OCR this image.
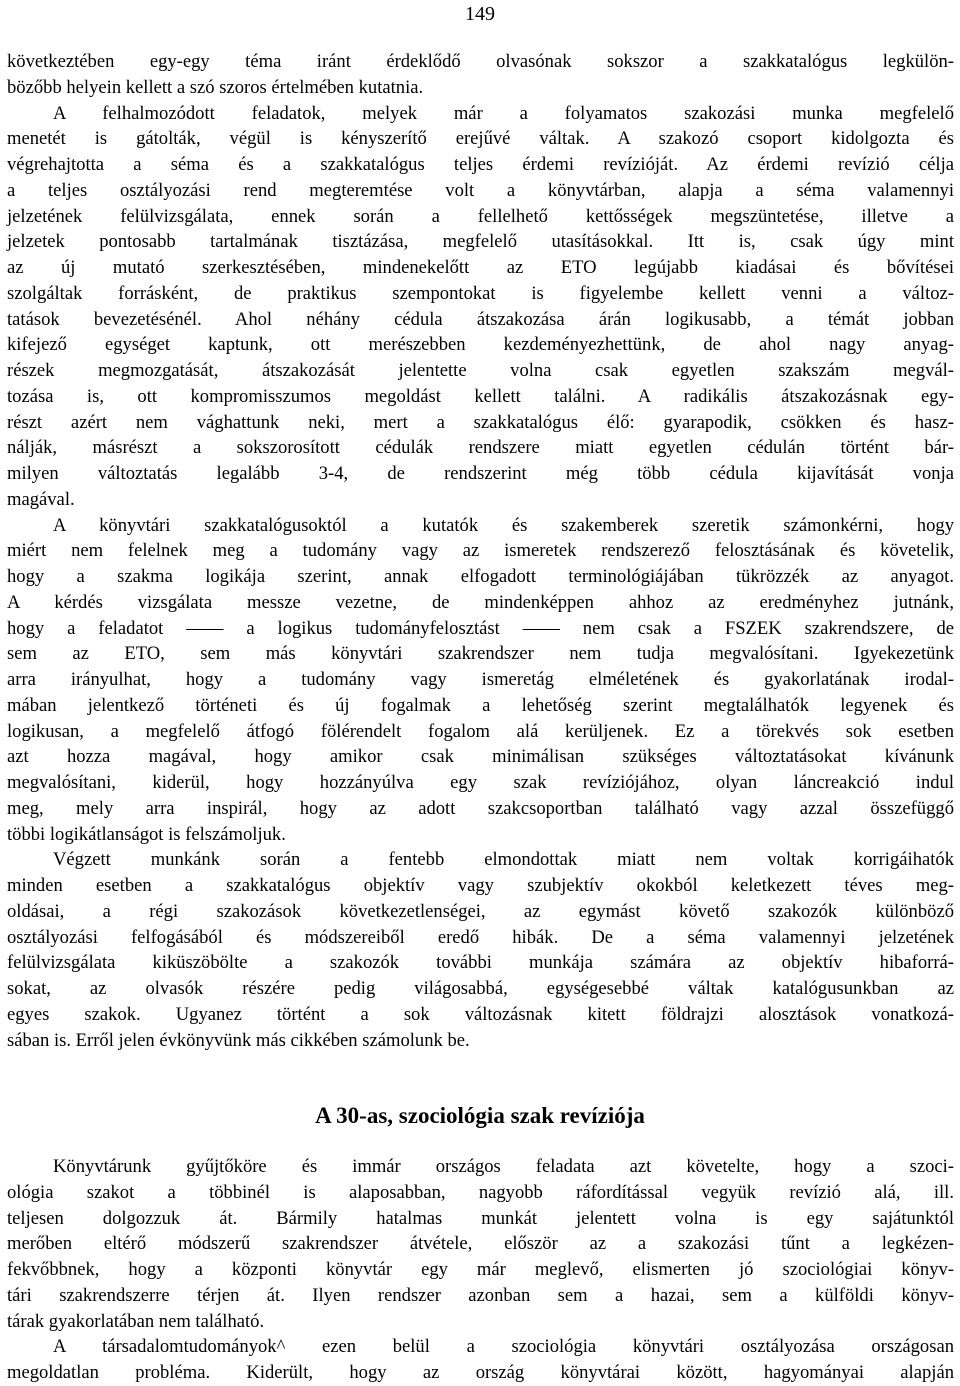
149
következtében egy-egy téma iránt érdeklődő olvasónak sokszor a szakkatalógus legkülön-
bözőbb helyein kellett a szó szoros értelmében kutatnia.
A felhalmozódott feladatok, melyek már a folyamatos szakozási munka megfelelő
menetét is gátolták, végül is kényszerítő erejűvé váltak. A szakozó csoport kidolgozta és
végrehajtotta a séma és a szakkatalógus teljes érdemi revízióját. Az érdemi revízió célja
a teljes osztályozási rend megteremtése volt a könyvtárban, alapja a séma valamennyi
jelzetének felülvizsgálata, ennek során a fellelhető kettősségek megszüntetése, illetve a
jelzetek pontosabb tartalmának tisztázása, megfelelő utasításokkal. Itt is, csak úgy mint
az új mutató szerkesztésében, mindenekelőtt az ETO legújabb kiadásai és bővítései
szolgáltak forrásként, de praktikus szempontokat is figyelembe kellett venni a változ-
tatások bevezetésénél. Ahol néhány cédula átszakozása árán logikusabb, a témát jobban
kifejező egységet kaptunk, ott merészebben kezdeményezhettünk, de ahol nagy anyag-
részek megmozgatását, átszakozását jelentette volna csak egyetlen szakszám megvál-
tozása is, ott kompromisszumos megoldást kellett találni. A radikális átszakozásnak egy-
részt azért nem vághattunk neki, mert a szakkatalógus élő: gyarapodik, csökken és hasz-
nálják, másrészt a sokszorosított cédulák rendszere miatt egyetlen cédulán történt bár-
milyen változtatás legalább 3-4, de rendszerint még több cédula kijavítását vonja
magával.
A könyvtári szakkatalógusoktól a kutatók és szakemberek szeretik számonkérni, hogy
miért nem felelnek meg a tudomány vagy az ismeretek rendszerező felosztásának és követelik,
hogy a szakma logikája szerint, annak elfogadott terminológiájában tükrözzék az anyagot.
A kérdés vizsgálata messze vezetne, de mindenképpen ahhoz az eredményhez jutnánk,
hogy a feladatot —— a logikus tudományfelosztást —— nem csak a FSZEK szakrendszere, de
sem az ETO, sem más könyvtári szakrendszer nem tudja megvalósítani. Igyekezetünk
arra irányulhat, hogy a tudomány vagy ismeretág elméletének és gyakorlatának irodal-
mában jelentkező történeti és új fogalmak a lehetőség szerint megtalálhatók legyenek és
logikusan, a megfelelő átfogó fölérendelt fogalom alá kerüljenek. Ez a törekvés sok esetben
azt hozza magával, hogy amikor csak minimálisan szükséges változtatásokat kívánunk
megvalósítani, kiderül, hogy hozzányúlva egy szak revíziójához, olyan láncreakció indul
meg, mely arra inspirál, hogy az adott szakcsoportban található vagy azzal összefüggő
többi logikátlanságot is felszámoljuk.
Végzett munkánk során a fentebb elmondottak miatt nem voltak korrigáihatók
minden esetben a szakkatalógus objektív vagy szubjektív okokból keletkezett téves meg-
oldásai, a régi szakozások következetlenségei, az egymást követő szakozók különböző
osztályozási felfogásából és módszereiből eredő hibák. De a séma valamennyi jelzetének
felülvizsgálata kiküszöbölte a szakozók további munkája számára az objektív hibaforrá-
sokat, az olvasók részére pedig világosabbá, egységesebbé váltak katalógusunkban az
egyes szakok. Ugyanez történt a sok változásnak kitett földrajzi alosztások vonatkozá-
sában is. Erről jelen évkönyvünk más cikkében számolunk be.
A 30-as, szociológia szak revíziója
Könyvtárunk gyűjtőköre és immár országos feladata azt követelte, hogy a szoci-
ológia szakot a többinél is alaposabban, nagyobb ráfordítással vegyük revízió alá, ill.
teljesen dolgozzuk át. Bármily hatalmas munkát jelentett volna is egy sajátunktól
merőben eltérő módszerű szakrendszer átvétele, először az a szakozási tűnt a legkézen-
fekvőbbnek, hogy a központi könyvtár egy már meglevő, elismerten jó szociológiai könyv-
tári szakrendszerre térjen át. Ilyen rendszer azonban sem a hazai, sem a külföldi könyv-
tárak gyakorlatában nem található.
A társadalomtudományok^ ezen belül a szociológia könyvtári osztályozása országosan
megoldatlan probléma. Kiderült, hogy az ország könyvtárai között, hagyományai alapján
